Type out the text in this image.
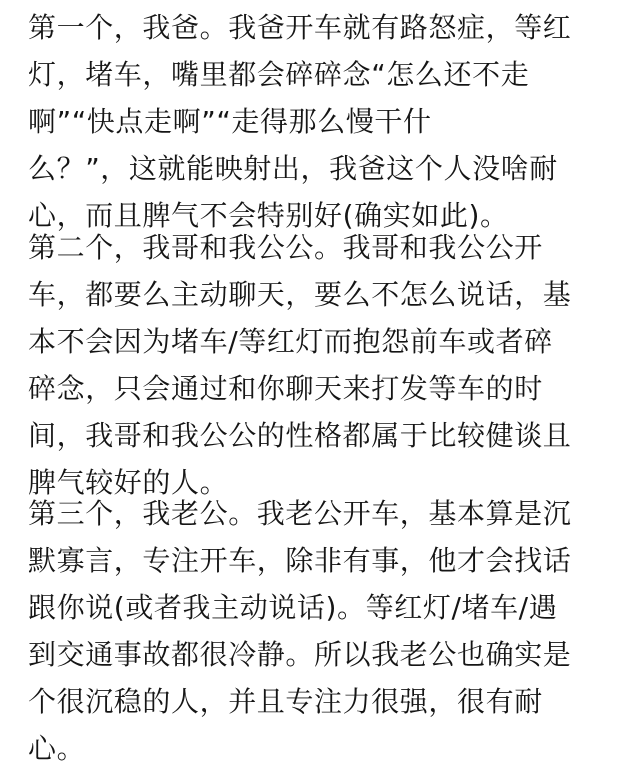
第一个，我爸。我爸开车就有路怒症，等红
灯，堵车，嘴里都会碎碎念“怎么还不走
啊”“快点走啊”“走得那么慢干什
么？”，这就能映射出，我爸这个人没啥耐
心，而且脾气不会特别好(确实如此)。

第二个，我哥和我公公。我哥和我公公开
车，都要么主动聊天，要么不怎么说话，基
本不会因为堵车/等红灯而抱怨前车或者碎
碎念，只会通过和你聊天来打发等车的时
间，我哥和我公公的性格都属于比较健谈且
脾气较好的人。

第三个，我老公。我老公开车，基本算是沉
默寡言，专注开车，除非有事，他才会找话
跟你说(或者我主动说话)。等红灯/堵车/遇
到交通事故都很冷静。所以我老公也确实是
个很沉稳的人，并且专注力很强，很有耐
心。
